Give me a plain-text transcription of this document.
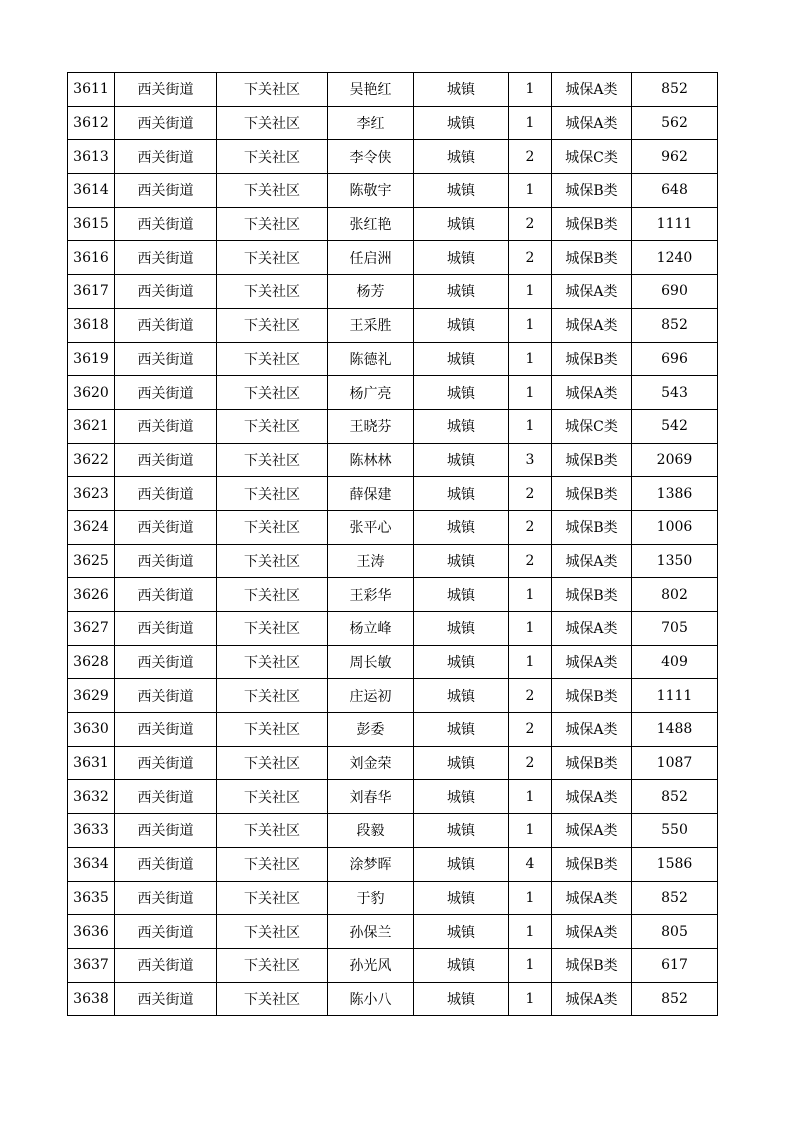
3611	西关街道	下关社区	吴艳红	城镇	1	城保A类	852
3612	西关街道	下关社区	李红	城镇	1	城保A类	562
3613	西关街道	下关社区	李令侠	城镇	2	城保C类	962
3614	西关街道	下关社区	陈敬宇	城镇	1	城保B类	648
3615	西关街道	下关社区	张红艳	城镇	2	城保B类	1111
3616	西关街道	下关社区	任启洲	城镇	2	城保B类	1240
3617	西关街道	下关社区	杨芳	城镇	1	城保A类	690
3618	西关街道	下关社区	王采胜	城镇	1	城保A类	852
3619	西关街道	下关社区	陈德礼	城镇	1	城保B类	696
3620	西关街道	下关社区	杨广亮	城镇	1	城保A类	543
3621	西关街道	下关社区	王晓芬	城镇	1	城保C类	542
3622	西关街道	下关社区	陈林林	城镇	3	城保B类	2069
3623	西关街道	下关社区	薛保建	城镇	2	城保B类	1386
3624	西关街道	下关社区	张平心	城镇	2	城保B类	1006
3625	西关街道	下关社区	王涛	城镇	2	城保A类	1350
3626	西关街道	下关社区	王彩华	城镇	1	城保B类	802
3627	西关街道	下关社区	杨立峰	城镇	1	城保A类	705
3628	西关街道	下关社区	周长敏	城镇	1	城保A类	409
3629	西关街道	下关社区	庄运初	城镇	2	城保B类	1111
3630	西关街道	下关社区	彭委	城镇	2	城保A类	1488
3631	西关街道	下关社区	刘金荣	城镇	2	城保B类	1087
3632	西关街道	下关社区	刘春华	城镇	1	城保A类	852
3633	西关街道	下关社区	段毅	城镇	1	城保A类	550
3634	西关街道	下关社区	涂梦晖	城镇	4	城保B类	1586
3635	西关街道	下关社区	于豹	城镇	1	城保A类	852
3636	西关街道	下关社区	孙保兰	城镇	1	城保A类	805
3637	西关街道	下关社区	孙光风	城镇	1	城保B类	617
3638	西关街道	下关社区	陈小八	城镇	1	城保A类	852
